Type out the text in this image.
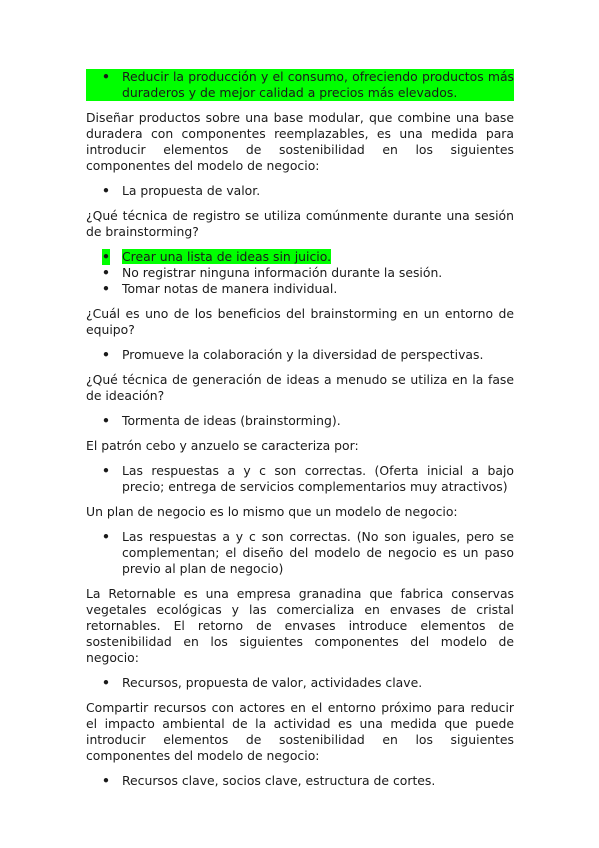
• Reducir la producción y el consumo, ofreciendo productos más duraderos y de mejor calidad a precios más elevados.

Diseñar productos sobre una base modular, que combine una base duradera con componentes reemplazables, es una medida para introducir elementos de sostenibilidad en los siguientes componentes del modelo de negocio:

• La propuesta de valor.

¿Qué técnica de registro se utiliza comúnmente durante una sesión de brainstorming?

• Crear una lista de ideas sin juicio.
• No registrar ninguna información durante la sesión.
• Tomar notas de manera individual.

¿Cuál es uno de los beneficios del brainstorming en un entorno de equipo?

• Promueve la colaboración y la diversidad de perspectivas.

¿Qué técnica de generación de ideas a menudo se utiliza en la fase de ideación?

• Tormenta de ideas (brainstorming).

El patrón cebo y anzuelo se caracteriza por:

• Las respuestas a y c son correctas. (Oferta inicial a bajo precio; entrega de servicios complementarios muy atractivos)

Un plan de negocio es lo mismo que un modelo de negocio:

• Las respuestas a y c son correctas. (No son iguales, pero se complementan; el diseño del modelo de negocio es un paso previo al plan de negocio)

La Retornable es una empresa granadina que fabrica conservas vegetales ecológicas y las comercializa en envases de cristal retornables. El retorno de envases introduce elementos de sostenibilidad en los siguientes componentes del modelo de negocio:

• Recursos, propuesta de valor, actividades clave.

Compartir recursos con actores en el entorno próximo para reducir el impacto ambiental de la actividad es una medida que puede introducir elementos de sostenibilidad en los siguientes componentes del modelo de negocio:

• Recursos clave, socios clave, estructura de cortes.
